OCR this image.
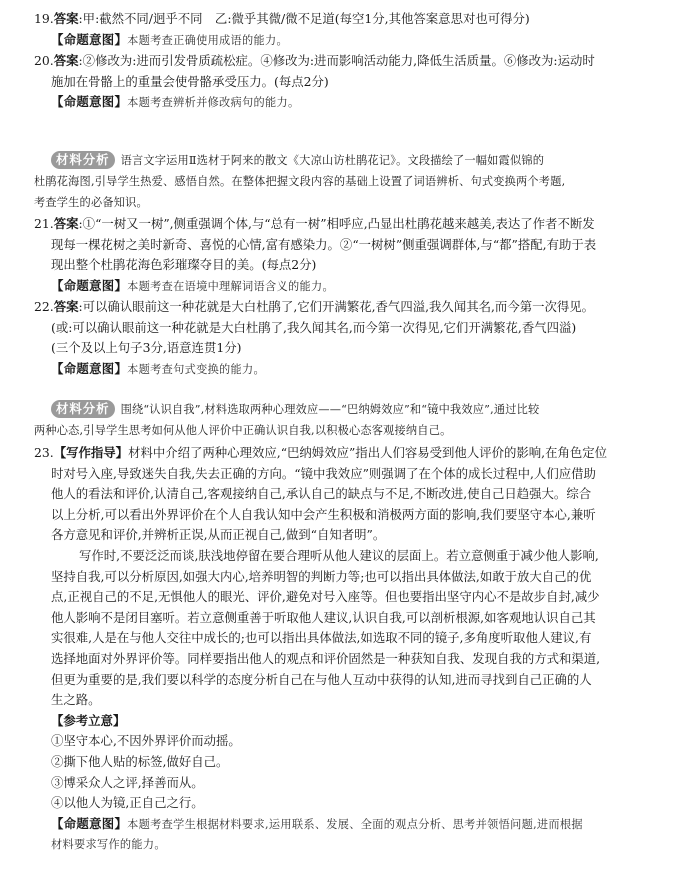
19.答案:甲:截然不同/迥乎不同　乙:微乎其微/微不足道(每空1分,其他答案意思对也可得分)
【命题意图】本题考查正确使用成语的能力。
20.答案:②修改为:进而引发骨质疏松症。④修改为:进而影响活动能力,降低生活质量。⑥修改为:运动时
施加在骨骼上的重量会使骨骼承受压力。(每点2分)
【命题意图】本题考查辨析并修改病句的能力。
材料分析 语言文字运用Ⅱ选材于阿来的散文《大凉山访杜鹃花记》。文段描绘了一幅如霞似锦的
杜鹃花海图,引导学生热爱、感悟自然。在整体把握文段内容的基础上设置了词语辨析、句式变换两个考题,
考查学生的必备知识。
21.答案:①“一树又一树”,侧重强调个体,与“总有一树”相呼应,凸显出杜鹃花越来越美,表达了作者不断发
现每一棵花树之美时新奇、喜悦的心情,富有感染力。②“一树树”侧重强调群体,与“都”搭配,有助于表
现出整个杜鹃花海色彩璀璨夺目的美。(每点2分)
【命题意图】本题考查在语境中理解词语含义的能力。
22.答案:可以确认眼前这一种花就是大白杜鹃了,它们开满繁花,香气四溢,我久闻其名,而今第一次得见。
(或:可以确认眼前这一种花就是大白杜鹃了,我久闻其名,而今第一次得见,它们开满繁花,香气四溢)
(三个及以上句子3分,语意连贯1分)
【命题意图】本题考查句式变换的能力。
材料分析 围绕“认识自我”,材料选取两种心理效应——“巴纳姆效应”和“镜中我效应”,通过比较
两种心态,引导学生思考如何从他人评价中正确认识自我,以积极心态客观接纳自己。
23.【写作指导】材料中介绍了两种心理效应,“巴纳姆效应”指出人们容易受到他人评价的影响,在角色定位
时对号入座,导致迷失自我,失去正确的方向。“镜中我效应”则强调了在个体的成长过程中,人们应借助
他人的看法和评价,认清自己,客观接纳自己,承认自己的缺点与不足,不断改进,使自己日趋强大。综合
以上分析,可以看出外界评价在个人自我认知中会产生积极和消极两方面的影响,我们要坚守本心,兼听
各方意见和评价,并辨析正误,从而正视自己,做到“自知者明”。
写作时,不要泛泛而谈,肤浅地停留在要合理听从他人建议的层面上。若立意侧重于减少他人影响,
坚持自我,可以分析原因,如强大内心,培养明智的判断力等;也可以指出具体做法,如敢于放大自己的优
点,正视自己的不足,无惧他人的眼光、评价,避免对号入座等。但也要指出坚守内心不是故步自封,减少
他人影响不是闭目塞听。若立意侧重善于听取他人建议,认识自我,可以剖析根源,如客观地认识自己其
实很难,人是在与他人交往中成长的;也可以指出具体做法,如选取不同的镜子,多角度听取他人建议,有
选择地面对外界评价等。同样要指出他人的观点和评价固然是一种获知自我、发现自我的方式和渠道,
但更为重要的是,我们要以科学的态度分析自己在与他人互动中获得的认知,进而寻找到自己正确的人
生之路。
【参考立意】
①坚守本心,不因外界评价而动摇。
②撕下他人贴的标签,做好自己。
③博采众人之评,择善而从。
④以他人为镜,正自己之行。
【命题意图】本题考查学生根据材料要求,运用联系、发展、全面的观点分析、思考并领悟问题,进而根据
材料要求写作的能力。
